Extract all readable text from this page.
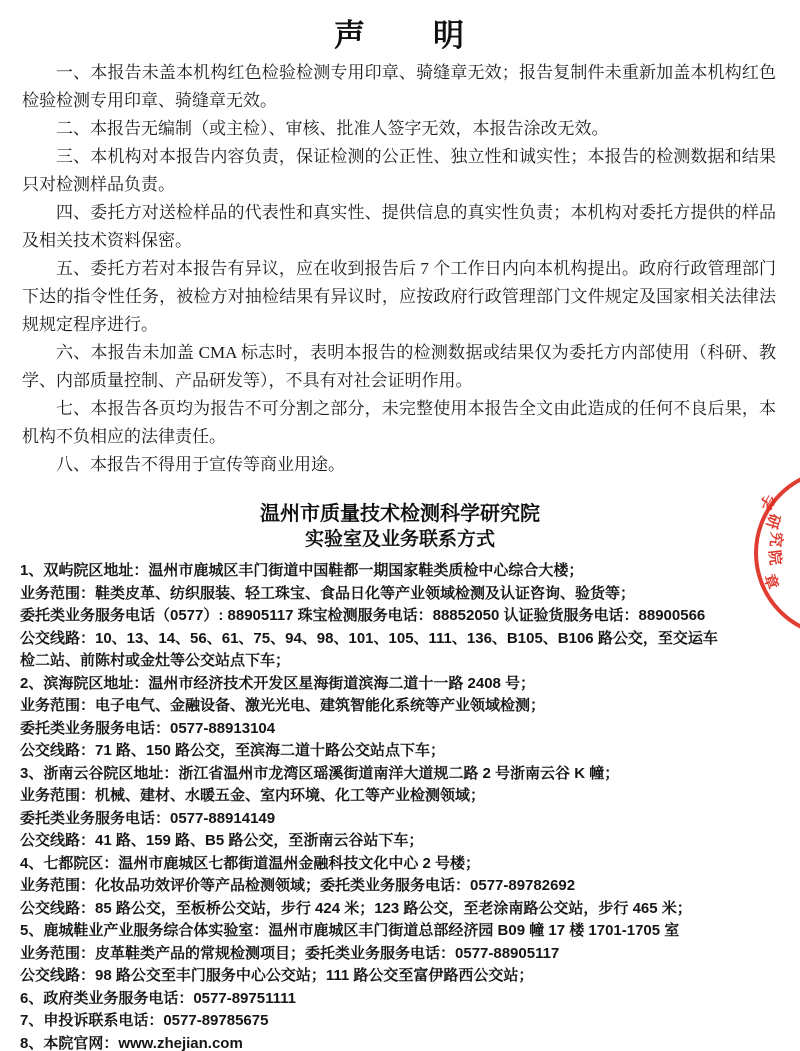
声　　明

一、本报告未盖本机构红色检验检测专用印章、骑缝章无效；报告复制件未重新加盖本机构红色检验检测专用印章、骑缝章无效。

二、本报告无编制（或主检）、审核、批准人签字无效，本报告涂改无效。

三、本机构对本报告内容负责，保证检测的公正性、独立性和诚实性；本报告的检测数据和结果只对检测样品负责。

四、委托方对送检样品的代表性和真实性、提供信息的真实性负责；本机构对委托方提供的样品及相关技术资料保密。

五、委托方若对本报告有异议，应在收到报告后 7 个工作日内向本机构提出。政府行政管理部门下达的指令性任务，被检方对抽检结果有异议时，应按政府行政管理部门文件规定及国家相关法律法规规定程序进行。

六、本报告未加盖 CMA 标志时，表明本报告的检测数据或结果仅为委托方内部使用（科研、教学、内部质量控制、产品研发等），不具有对社会证明作用。

七、本报告各页均为报告不可分割之部分，未完整使用本报告全文由此造成的任何不良后果，本机构不负相应的法律责任。

八、本报告不得用于宣传等商业用途。

温州市质量技术检测科学研究院
实验室及业务联系方式
1、双屿院区地址：温州市鹿城区丰门街道中国鞋都一期国家鞋类质检中心综合大楼；
业务范围：鞋类皮革、纺织服装、轻工珠宝、食品日化等产业领域检测及认证咨询、验货等；
委托类业务服务电话（0577）: 88905117 珠宝检测服务电话：88852050 认证验货服务电话：88900566
公交线路：10、13、14、56、61、75、94、98、101、105、111、136、B105、B106 路公交，至交运车
检二站、前陈村或金灶等公交站点下车；
2、滨海院区地址：温州市经济技术开发区星海街道滨海二道十一路 2408 号；
业务范围：电子电气、金融设备、激光光电、建筑智能化系统等产业领域检测；
委托类业务服务电话：0577-88913104
公交线路：71 路、150 路公交，至滨海二道十路公交站点下车；
3、浙南云谷院区地址：浙江省温州市龙湾区瑶溪街道南洋大道规二路 2 号浙南云谷 K 幢；
业务范围：机械、建材、水暖五金、室内环境、化工等产业检测领域；
委托类业务服务电话：0577-88914149
公交线路：41 路、159 路、B5 路公交，至浙南云谷站下车；
4、七都院区：温州市鹿城区七都街道温州金融科技文化中心 2 号楼；
业务范围：化妆品功效评价等产品检测领域；委托类业务服务电话：0577-89782692
公交线路：85 路公交，至板桥公交站，步行 424 米；123 路公交，至老涂南路公交站，步行 465 米；
5、鹿城鞋业产业服务综合体实验室：温州市鹿城区丰门街道总部经济园 B09 幢 17 楼 1701-1705 室
业务范围：皮革鞋类产品的常规检测项目；委托类业务服务电话：0577-88905117
公交线路：98 路公交至丰门服务中心公交站；111 路公交至富伊路西公交站；
6、政府类业务服务电话：0577-89751111
7、申投诉联系电话：0577-89785675
8、本院官网：www.zhejian.com
学
研
究
院
章
